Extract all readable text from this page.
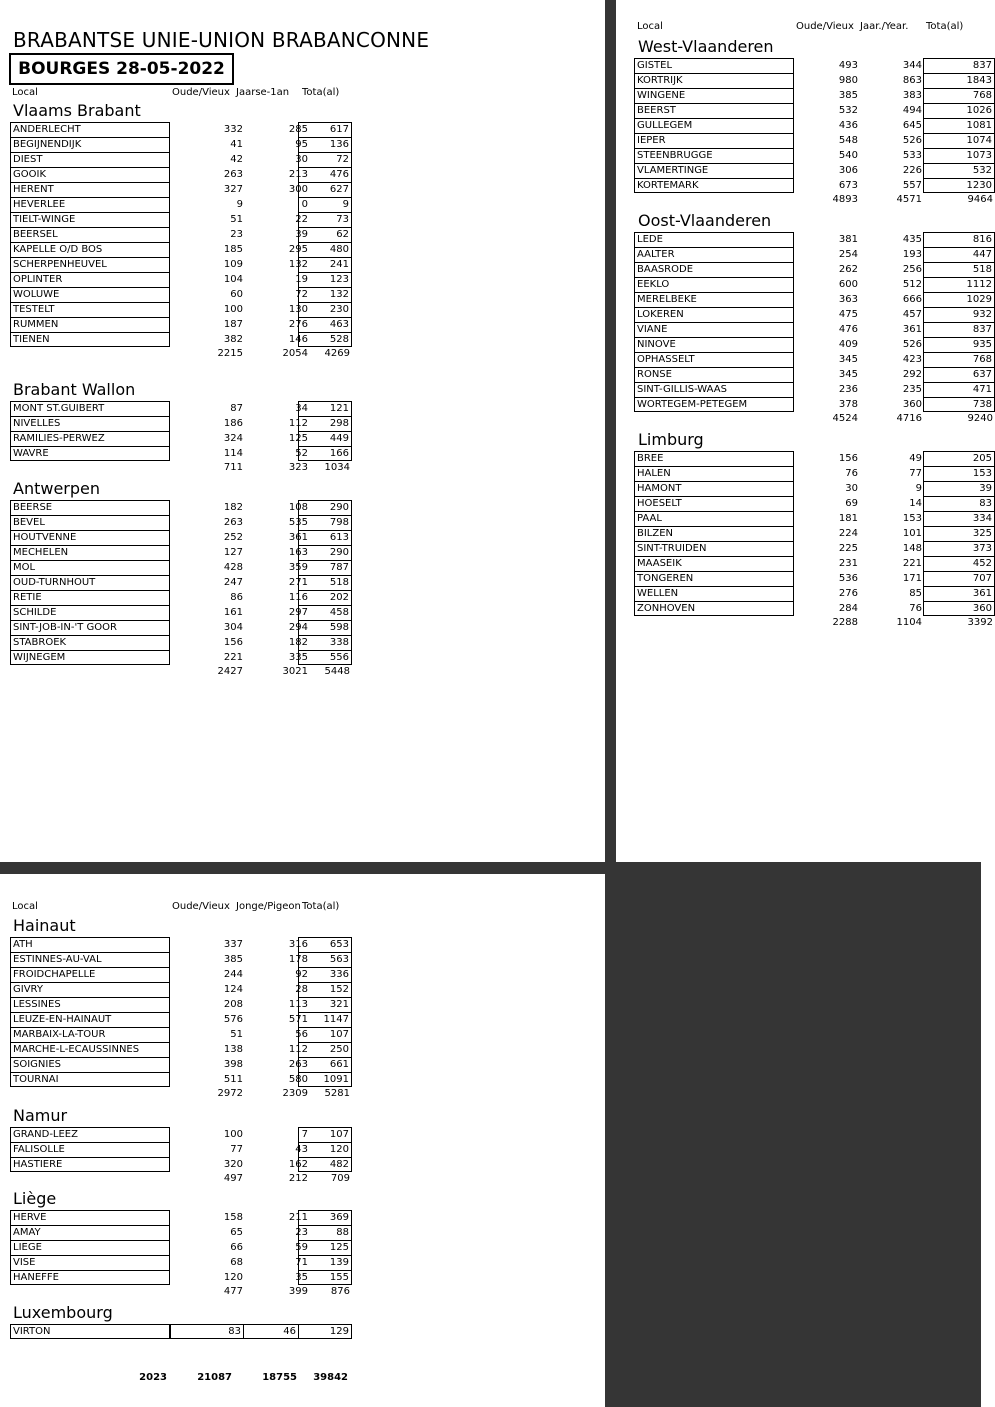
BRABANTSE UNIE-UNION BRABANCONNE
BOURGES 28-05-2022
Local	Oude/Vieux Jaarse-1an Tota(al)
Vlaams Brabant
ANDERLECHT	332	285	617
BEGIJNENDIJK	41	95	136
DIEST	42	30	72
GOOIK	263	213	476
HERENT	327	300	627
HEVERLEE	9	0	9
TIELT-WINGE	51	22	73
BEERSEL	23	39	62
KAPELLE O/D BOS	185	295	480
SCHERPENHEUVEL	109	132	241
OPLINTER	104	19	123
WOLUWE	60	72	132
TESTELT	100	130	230
RUMMEN	187	276	463
TIENEN	382	146	528
2215	2054	4269
Brabant Wallon
MONT ST.GUIBERT	87	34	121
NIVELLES	186	112	298
RAMILIES-PERWEZ	324	125	449
WAVRE	114	52	166
711	323	1034
Antwerpen
BEERSE	182	108	290
BEVEL	263	535	798
HOUTVENNE	252	361	613
MECHELEN	127	163	290
MOL	428	359	787
OUD-TURNHOUT	247	271	518
RETIE	86	116	202
SCHILDE	161	297	458
SINT-JOB-IN-'T GOOR	304	294	598
STABROEK	156	182	338
WIJNEGEM	221	335	556
2427	3021	5448
Local	Oude/Vieux Jaar./Year. Tota(al)
West-Vlaanderen
GISTEL	493	344	837
KORTRIJK	980	863	1843
WINGENE	385	383	768
BEERST	532	494	1026
GULLEGEM	436	645	1081
IEPER	548	526	1074
STEENBRUGGE	540	533	1073
VLAMERTINGE	306	226	532
KORTEMARK	673	557	1230
4893	4571	9464
Oost-Vlaanderen
LEDE	381	435	816
AALTER	254	193	447
BAASRODE	262	256	518
EEKLO	600	512	1112
MERELBEKE	363	666	1029
LOKEREN	475	457	932
VIANE	476	361	837
NINOVE	409	526	935
OPHASSELT	345	423	768
RONSE	345	292	637
SINT-GILLIS-WAAS	236	235	471
WORTEGEM-PETEGEM	378	360	738
4524	4716	9240
Limburg
BREE	156	49	205
HALEN	76	77	153
HAMONT	30	9	39
HOESELT	69	14	83
PAAL	181	153	334
BILZEN	224	101	325
SINT-TRUIDEN	225	148	373
MAASEIK	231	221	452
TONGEREN	536	171	707
WELLEN	276	85	361
ZONHOVEN	284	76	360
2288	1104	3392
Local	Oude/Vieux Jonge/Pigeon Tota(al)
Hainaut
ATH	337	316	653
ESTINNES-AU-VAL	385	178	563
FROIDCHAPELLE	244	92	336
GIVRY	124	28	152
LESSINES	208	113	321
LEUZE-EN-HAINAUT	576	571	1147
MARBAIX-LA-TOUR	51	56	107
MARCHE-L-ECAUSSINNES	138	112	250
SOIGNIES	398	263	661
TOURNAI	511	580	1091
2972	2309	5281
Namur
GRAND-LEEZ	100	7	107
FALISOLLE	77	43	120
HASTIERE	320	162	482
497	212	709
Liège
HERVE	158	211	369
AMAY	65	23	88
LIEGE	66	59	125
VISE	68	71	139
HANEFFE	120	35	155
477	399	876
Luxembourg
VIRTON	83	46	129
2023	21087	18755	39842
